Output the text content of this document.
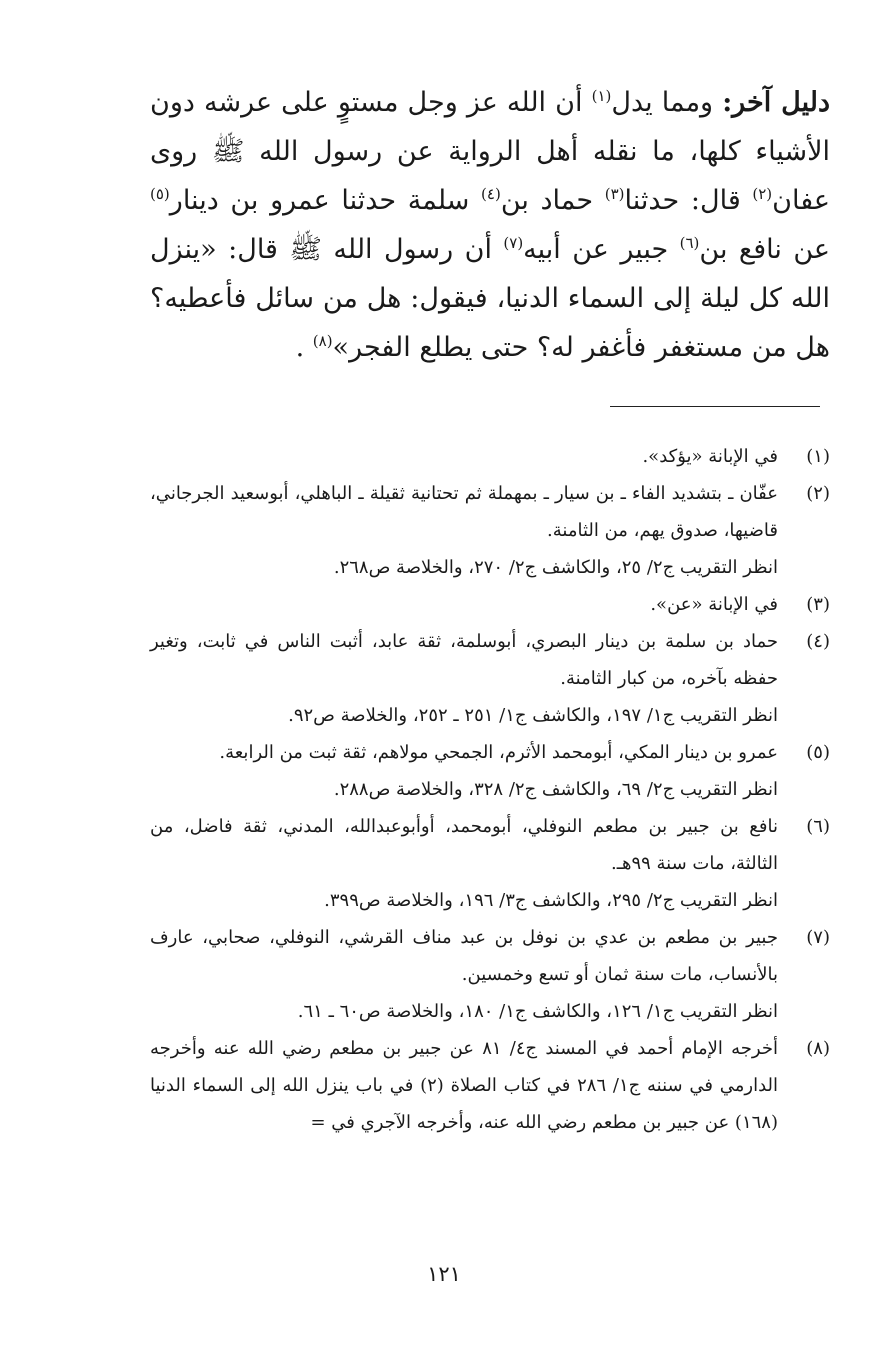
دليل آخر: ومما يدل$^{(١)}$ أن الله عز وجل مستوٍ على عرشه دون الأشياء كلها، ما نقله أهل الرواية عن رسول الله ﷺ روى عفان$^{(٢)}$ قال: حدثنا$^{(٣)}$ حماد بن$^{(٤)}$ سلمة حدثنا عمرو بن دينار$^{(٥)}$ عن نافع بن$^{(٦)}$ جبير عن أبيه$^{(٧)}$ أن رسول الله ﷺ قال: «ينزل الله كل ليلة إلى السماء الدنيا، فيقول: هل من سائل فأعطيه؟ هل من مستغفر فأغفر له؟ حتى يطلع الفجر»$^{(٨)}$ .

(١)
في الإبانة «يؤكد».
(٢)
عفّان ـ بتشديد الفاء ـ بن سيار ـ بمهملة ثم تحتانية ثقيلة ـ الباهلي، أبوسعيد الجرجاني، قاضيها، صدوق يهم، من الثامنة.
انظر التقريب ج٢/ ٢٥، والكاشف ج٢/ ٢٧٠، والخلاصة ص٢٦٨.
(٣)
في الإبانة «عن».
(٤)
حماد بن سلمة بن دينار البصري، أبوسلمة، ثقة عابد، أثبت الناس في ثابت، وتغير حفظه بآخره، من كبار الثامنة.
انظر التقريب ج١/ ١٩٧، والكاشف ج١/ ٢٥١ ـ ٢٥٢، والخلاصة ص٩٢.
(٥)
عمرو بن دينار المكي، أبومحمد الأثرم، الجمحي مولاهم، ثقة ثبت من الرابعة.
انظر التقريب ج٢/ ٦٩، والكاشف ج٢/ ٣٢٨، والخلاصة ص٢٨٨.
(٦)
نافع بن جبير بن مطعم النوفلي، أبومحمد، أوأبوعبدالله، المدني، ثقة فاضل، من الثالثة، مات سنة ٩٩هـ.
انظر التقريب ج٢/ ٢٩٥، والكاشف ج٣/ ١٩٦، والخلاصة ص٣٩٩.
(٧)
جبير بن مطعم بن عدي بن نوفل بن عبد مناف القرشي، النوفلي، صحابي، عارف بالأنساب، مات سنة ثمان أو تسع وخمسين.
انظر التقريب ج١/ ١٢٦، والكاشف ج١/ ١٨٠، والخلاصة ص٦٠ ـ ٦١.
(٨)
أخرجه الإمام أحمد في المسند ج٤/ ٨١ عن جبير بن مطعم رضي الله عنه وأخرجه الدارمي في سننه ج١/ ٢٨٦ في كتاب الصلاة (٢) في باب ينزل الله إلى السماء الدنيا (١٦٨) عن جبير بن مطعم رضي الله عنه، وأخرجه الآجري في =
١٢١
